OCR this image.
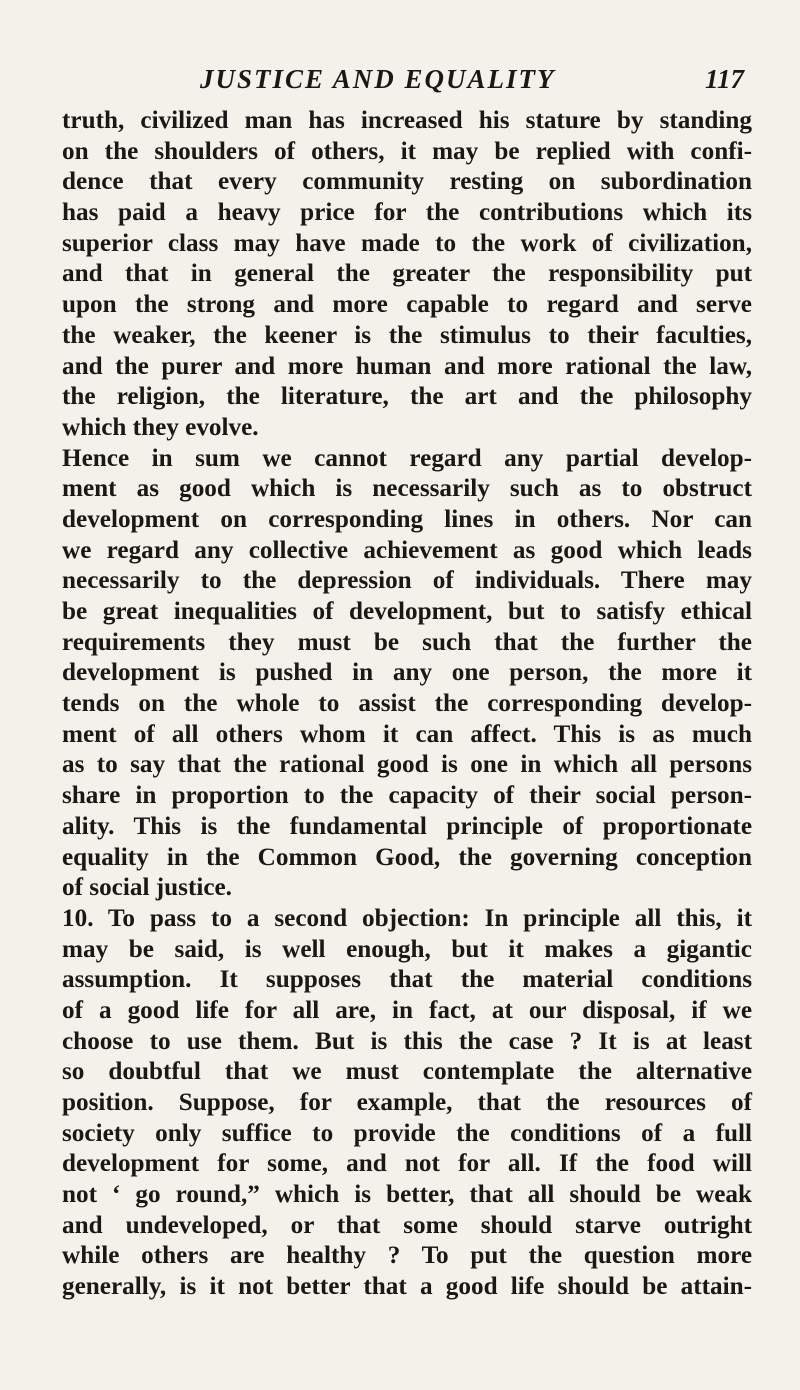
JUSTICE AND EQUALITY	117
truth, civilized man has increased his stature by standing
on the shoulders of others, it may be replied with confi-
dence that every community resting on subordination
has paid a heavy price for the contributions which its
superior class may have made to the work of civilization,
and that in general the greater the responsibility put
upon the strong and more capable to regard and serve
the weaker, the keener is the stimulus to their faculties,
and the purer and more human and more rational the law,
the religion, the literature, the art and the philosophy
which they evolve.
Hence in sum we cannot regard any partial develop-
ment as good which is necessarily such as to obstruct
development on corresponding lines in others. Nor can
we regard any collective achievement as good which leads
necessarily to the depression of individuals. There may
be great inequalities of development, but to satisfy ethical
requirements they must be such that the further the
development is pushed in any one person, the more it
tends on the whole to assist the corresponding develop-
ment of all others whom it can affect. This is as much
as to say that the rational good is one in which all persons
share in proportion to the capacity of their social person-
ality. This is the fundamental principle of proportionate
equality in the Common Good, the governing conception
of social justice.
10. To pass to a second objection: In principle all this, it
may be said, is well enough, but it makes a gigantic
assumption. It supposes that the material conditions
of a good life for all are, in fact, at our disposal, if we
choose to use them. But is this the case ? It is at least
so doubtful that we must contemplate the alternative
position. Suppose, for example, that the resources of
society only suffice to provide the conditions of a full
development for some, and not for all. If the food will
not ‘ go round,” which is better, that all should be weak
and undeveloped, or that some should starve outright
while others are healthy ? To put the question more
generally, is it not better that a good life should be attain-
